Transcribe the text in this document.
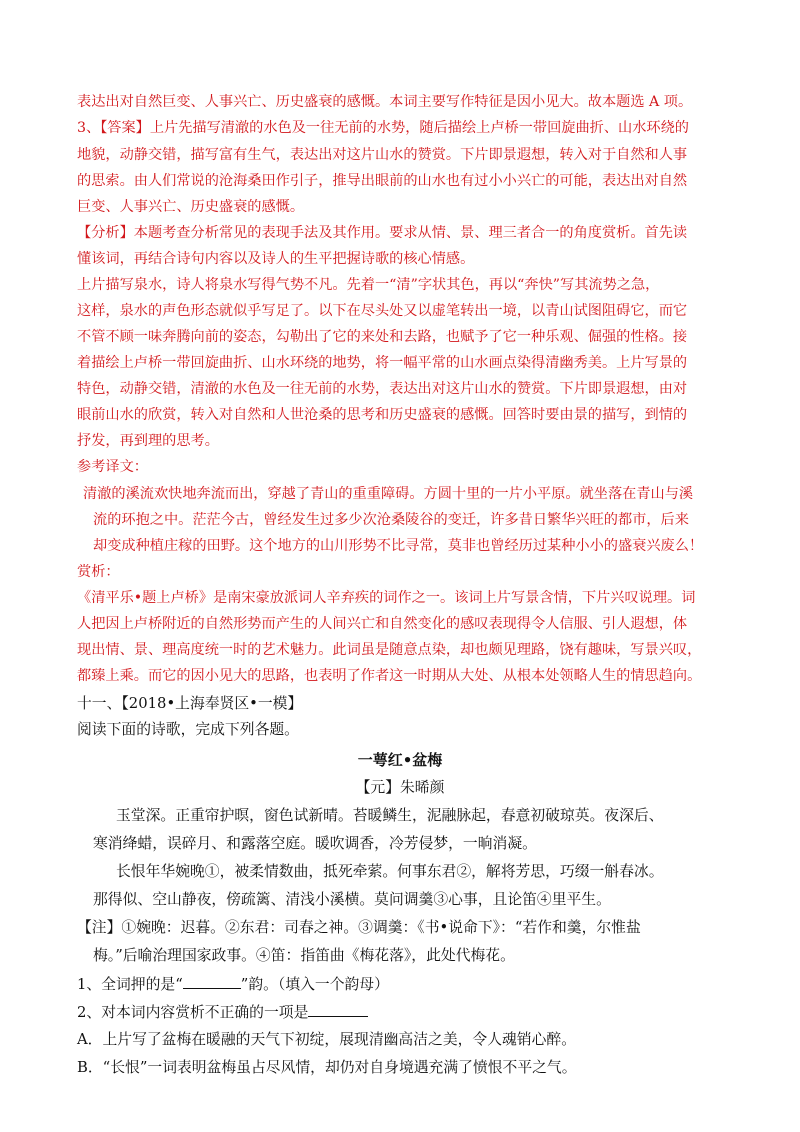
表达出对自然巨变、人事兴亡、历史盛衰的感慨。本词主要写作特征是因小见大。故本题选 A 项。

3、【答案】上片先描写清澈的水色及一往无前的水势，随后描绘上卢桥一带回旋曲折、山水环绕的

地貌，动静交错，描写富有生气，表达出对这片山水的赞赏。下片即景遐想，转入对于自然和人事

的思索。由人们常说的沧海桑田作引子，推导出眼前的山水也有过小小兴亡的可能，表达出对自然

巨变、人事兴亡、历史盛衰的感慨。

【分析】本题考查分析常见的表现手法及其作用。要求从情、景、理三者合一的角度赏析。首先读

懂该词，再结合诗句内容以及诗人的生平把握诗歌的核心情感。

上片描写泉水，诗人将泉水写得气势不凡。先着一“清”字状其色，再以“奔快”写其流势之急，

这样，泉水的声色形态就似乎写足了。以下在尽头处又以虚笔转出一境，以青山试图阻碍它，而它

不管不顾一味奔腾向前的姿态，勾勒出了它的来处和去路，也赋予了它一种乐观、倔强的性格。接

着描绘上卢桥一带回旋曲折、山水环绕的地势，将一幅平常的山水画点染得清幽秀美。上片写景的

特色，动静交错，清澈的水色及一往无前的水势，表达出对这片山水的赞赏。下片即景遐想，由对

眼前山水的欣赏，转入对自然和人世沧桑的思考和历史盛衰的感慨。回答时要由景的描写，到情的

抒发，再到理的思考。

参考译文：

清澈的溪流欢快地奔流而出，穿越了青山的重重障碍。方圆十里的一片小平原。就坐落在青山与溪

流的环抱之中。茫茫今古，曾经发生过多少次沧桑陵谷的变迁，许多昔日繁华兴旺的都市，后来

却变成种植庄稼的田野。这个地方的山川形势不比寻常，莫非也曾经历过某种小小的盛衰兴废么！

赏析：

《清平乐•题上卢桥》是南宋豪放派词人辛弃疾的词作之一。该词上片写景含情，下片兴叹说理。词

人把因上卢桥附近的自然形势而产生的人间兴亡和自然变化的感叹表现得令人信服、引人遐想，体

现出情、景、理高度统一时的艺术魅力。此词虽是随意点染，却也颇见理路，饶有趣味，写景兴叹，

都臻上乘。而它的因小见大的思路，也表明了作者这一时期从大处、从根本处领略人生的情思趋向。

十一、【2018•上海奉贤区•一模】

阅读下面的诗歌，完成下列各题。

一萼红•盆梅

【元】朱晞颜

玉堂深。正重帘护暝，窗色试新晴。苔暖鳞生，泥融脉起，春意初破琼英。夜深后、

寒消绛蜡，误碎月、和露落空庭。暖吹调香，冷芳侵梦，一晌消凝。

长恨年华婉晚①，被柔情数曲，抵死牵萦。何事东君②，解将芳思，巧缀一斛春冰。

那得似、空山静夜，傍疏篱、清浅小溪横。莫问调羹③心事，且论笛④里平生。

【注】①婉晚：迟暮。②东君：司春之神。③调羹：《书•说命下》：“若作和羹，尔惟盐

梅。”后喻治理国家政事。④笛：指笛曲《梅花落》，此处代梅花。

1、全词押的是“	”韵。（填入一个韵母）

2、对本词内容赏析不正确的一项是

A．上片写了盆梅在暖融的天气下初绽，展现清幽高洁之美，令人魂销心醉。

B．“长恨”一词表明盆梅虽占尽风情，却仍对自身境遇充满了愤恨不平之气。
